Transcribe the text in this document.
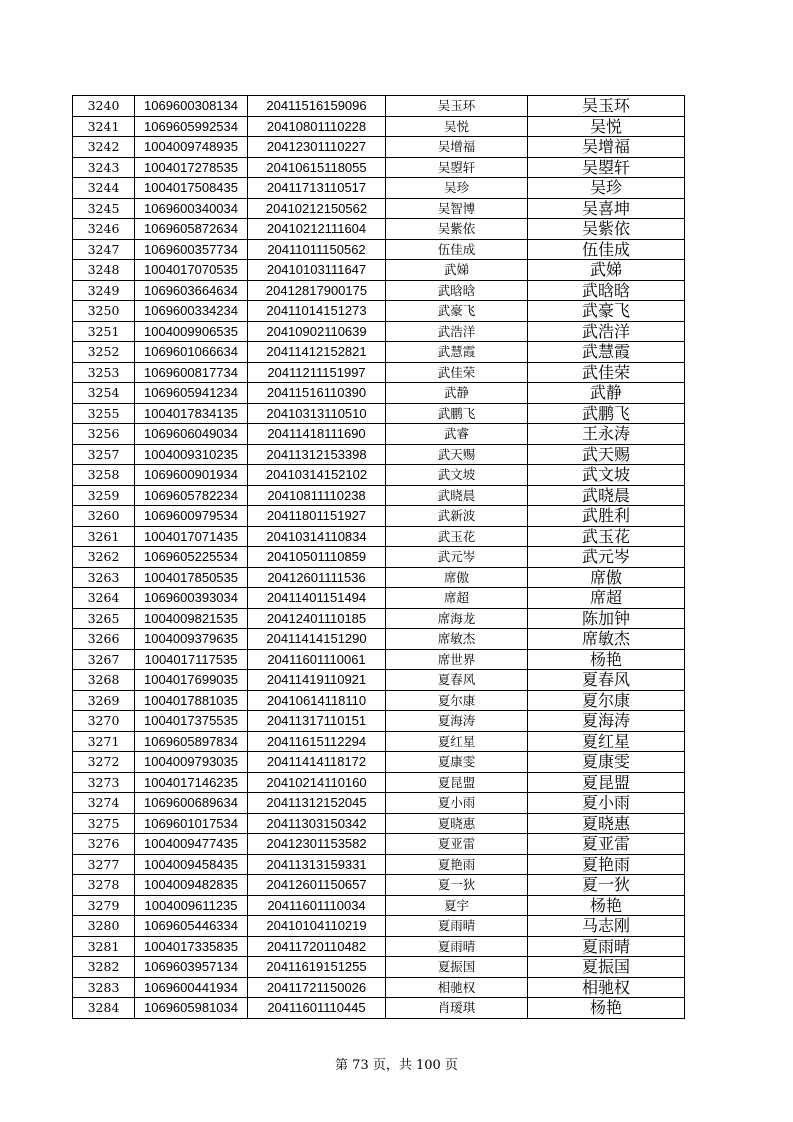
3240	1069600308134	20411516159096	吴玉环	吴玉环
3241	1069605992534	20410801110228	吴悦	吴悦
3242	1004009748935	20412301110227	吴增福	吴增福
3243	1004017278535	20410615118055	吴曌轩	吴曌轩
3244	1004017508435	20411713110517	吴珍	吴珍
3245	1069600340034	20410212150562	吴智博	吴喜坤
3246	1069605872634	20410212111604	吴紫依	吴紫依
3247	1069600357734	20411011150562	伍佳成	伍佳成
3248	1004017070535	20410103111647	武娣	武娣
3249	1069603664634	20412817900175	武晗晗	武晗晗
3250	1069600334234	20411014151273	武豪飞	武豪飞
3251	1004009906535	20410902110639	武浩洋	武浩洋
3252	1069601066634	20411412152821	武慧霞	武慧霞
3253	1069600817734	20411211151997	武佳荣	武佳荣
3254	1069605941234	20411516110390	武静	武静
3255	1004017834135	20410313110510	武鹏飞	武鹏飞
3256	1069606049034	20411418111690	武睿	王永涛
3257	1004009310235	20411312153398	武天赐	武天赐
3258	1069600901934	20410314152102	武文坡	武文坡
3259	1069605782234	20410811110238	武晓晨	武晓晨
3260	1069600979534	20411801151927	武新波	武胜利
3261	1004017071435	20410314110834	武玉花	武玉花
3262	1069605225534	20410501110859	武元岑	武元岑
3263	1004017850535	20412601111536	席傲	席傲
3264	1069600393034	20411401151494	席超	席超
3265	1004009821535	20412401110185	席海龙	陈加钟
3266	1004009379635	20411414151290	席敏杰	席敏杰
3267	1004017117535	20411601110061	席世界	杨艳
3268	1004017699035	20411419110921	夏春风	夏春风
3269	1004017881035	20410614118110	夏尔康	夏尔康
3270	1004017375535	20411317110151	夏海涛	夏海涛
3271	1069605897834	20411615112294	夏红星	夏红星
3272	1004009793035	20411414118172	夏康雯	夏康雯
3273	1004017146235	20410214110160	夏昆盟	夏昆盟
3274	1069600689634	20411312152045	夏小雨	夏小雨
3275	1069601017534	20411303150342	夏晓惠	夏晓惠
3276	1004009477435	20412301153582	夏亚雷	夏亚雷
3277	1004009458435	20411313159331	夏艳雨	夏艳雨
3278	1004009482835	20412601150657	夏一狄	夏一狄
3279	1004009611235	20411601110034	夏宇	杨艳
3280	1069605446334	20410104110219	夏雨晴	马志刚
3281	1004017335835	20411720110482	夏雨晴	夏雨晴
3282	1069603957134	20411619151255	夏振国	夏振国
3283	1069600441934	20411721150026	相驰权	相驰权
3284	1069605981034	20411601110445	肖瑷琪	杨艳
第 73 页，共 100 页
